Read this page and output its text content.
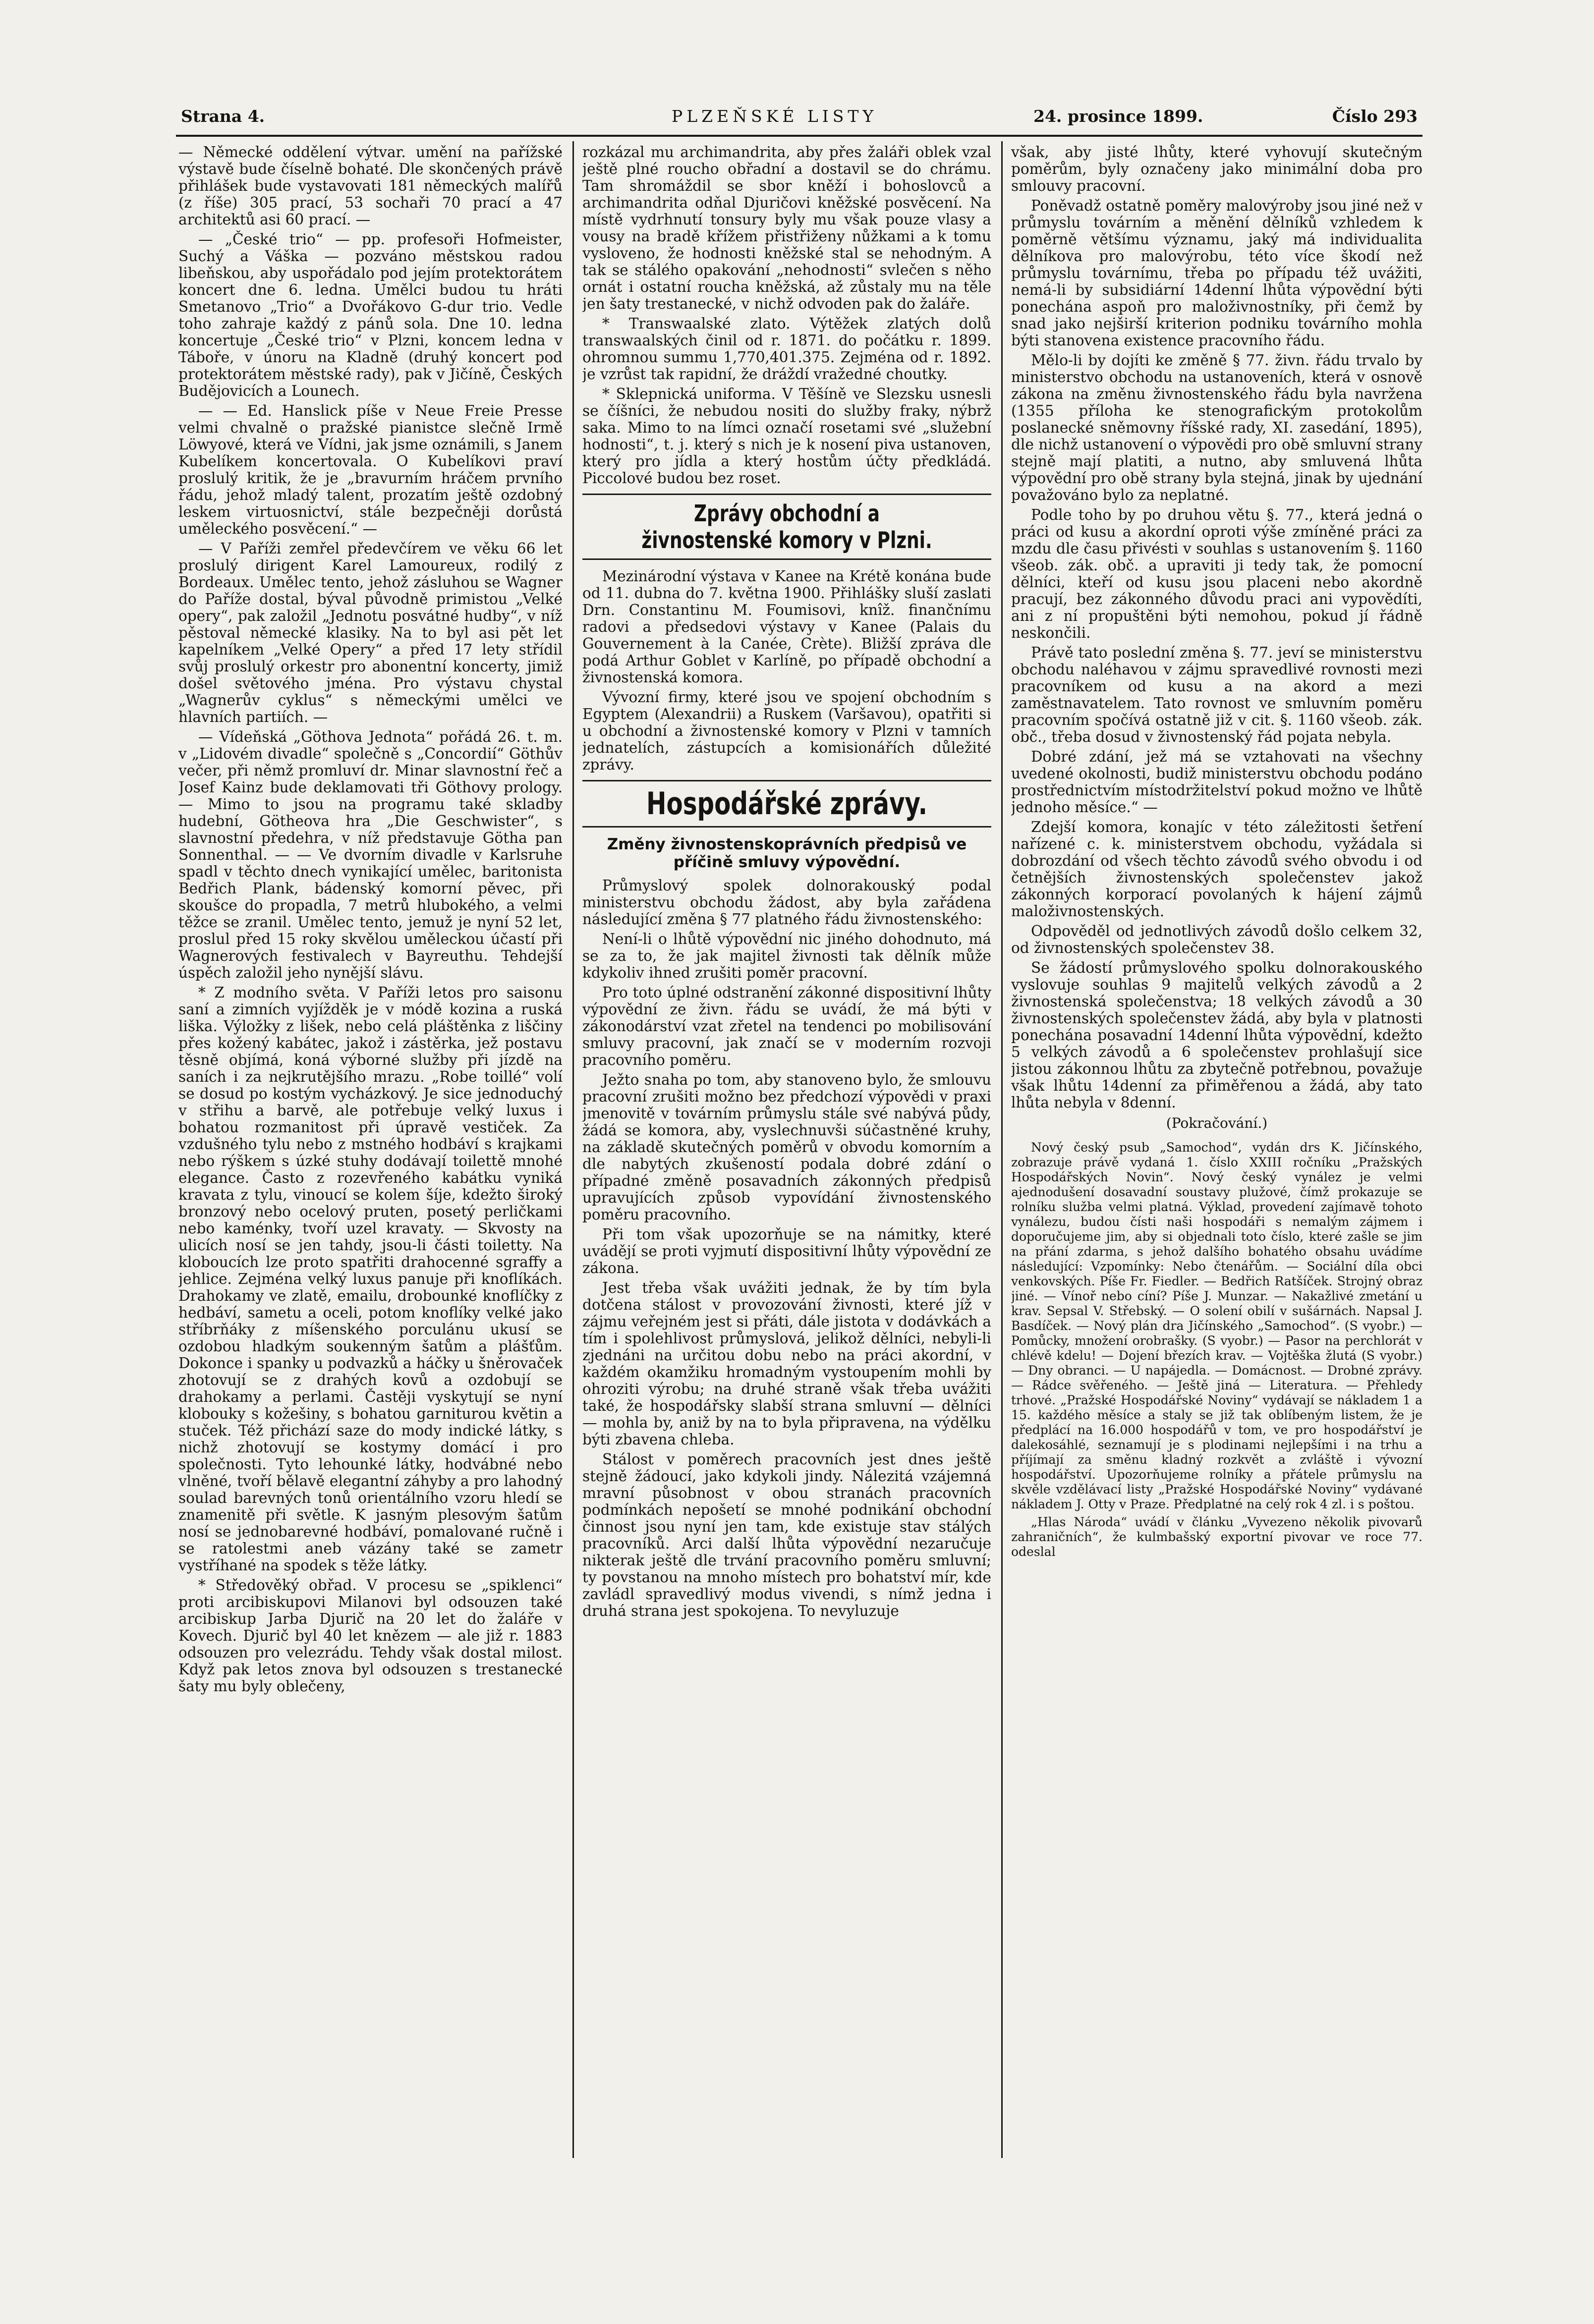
Strana 4.	PLZEŇSKÉ LISTY	24. prosince 1899.	Číslo 293

— Německé oddělení výtvar. umění na pařížské výstavě bude číselně bohaté. Dle skončených právě přihlášek bude vystavovati 181 německých malířů (z říše) 305 prací, 53 sochaři 70 prací a 47 architektů asi 60 prací. —

— „České trio“ — pp. profesoři Hofmeister, Suchý a Váška — pozváno městskou radou libeňskou, aby uspořádalo pod jejím protektorátem koncert dne 6. ledna. Umělci budou tu hráti Smetanovo „Trio“ a Dvořákovo G-dur trio. Vedle toho zahraje každý z pánů sola. Dne 10. ledna koncertuje „České trio“ v Plzni, koncem ledna v Táboře, v únoru na Kladně (druhý koncert pod protektorátem městské rady), pak v Jičíně, Českých Budějovicích a Lounech.

— — Ed. Hanslick píše v Neue Freie Presse velmi chvalně o pražské pianistce slečně Irmě Löwyové, která ve Vídni, jak jsme oznámili, s Janem Kubelíkem koncertovala. O Kubelíkovi praví proslulý kritik, že je „bravurním hráčem prvního řádu, jehož mladý talent, prozatím ještě ozdobný leskem virtuosnictví, stále bezpečněji dorůstá uměleckého posvěcení.“ —

— V Paříži zemřel předevčírem ve věku 66 let proslulý dirigent Karel Lamoureux, rodilý z Bordeaux. Umělec tento, jehož zásluhou se Wagner do Paříže dostal, býval původně primistou „Velké opery“, pak založil „Jednotu posvátné hudby“, v níž pěstoval německé klasiky. Na to byl asi pět let kapelníkem „Velké Opery“ a před 17 lety střídil svůj proslulý orkestr pro abonentní koncerty, jimiž došel světového jména. Pro výstavu chystal „Wagnerův cyklus“ s německými umělci ve hlavních partiích. —

— Vídeňská „Göthova Jednota“ pořádá 26. t. m. v „Lidovém divadle“ společně s „Concordií“ Göthův večer, při němž promluví dr. Minar slavnostní řeč a Josef Kainz bude deklamovati tři Göthovy prology. — Mimo to jsou na programu také skladby hudební, Götheova hra „Die Geschwister“, s slavnostní předehra, v níž představuje Götha pan Sonnenthal. — — Ve dvorním divadle v Karlsruhe spadl v těchto dnech vynikající umělec, baritonista Bedřich Plank, bádenský komorní pěvec, při skoušce do propadla, 7 metrů hlubokého, a velmi těžce se zranil. Umělec tento, jemuž je nyní 52 let, proslul před 15 roky skvělou uměleckou účastí při Wagnerových festivalech v Bayreuthu. Tehdejší úspěch založil jeho nynější slávu.

* Z modního světa. V Paříži letos pro saisonu saní a zimních vyjížděk je v módě kozina a ruská liška. Výložky z lišek, nebo celá pláštěnka z liščiny přes kožený kabátec, jakož i zástěrka, jež postavu těsně objímá, koná výborné služby při jízdě na saních i za nejkrutějšího mrazu. „Robe toillé“ volí se dosud po kostým vycházkový. Je sice jednoduchý v střihu a barvě, ale potřebuje velký luxus i bohatou rozmanitost při úpravě vestiček. Za vzdušného tylu nebo z mstného hodbáví s krajkami nebo rýškem s úzké stuhy dodávají toilettě mnohé elegance. Často z rozevřeného kabátku vyniká kravata z tylu, vinoucí se kolem šíje, kdežto široký bronzový nebo ocelový pruten, posetý perličkami nebo kaménky, tvoří uzel kravaty. — Skvosty na ulicích nosí se jen tahdy, jsou-li části toiletty. Na kloboucích lze proto spatřiti drahocenné sgraffy a jehlice. Zejména velký luxus panuje při knoflíkách. Drahokamy ve zlatě, emailu, drobounké knoflíčky z hedbáví, sametu a oceli, potom knoflíky velké jako stříbrňáky z míšenského porculánu ukusí se ozdobou hladkým soukenným šatům a plášťům. Dokonce i spanky u podvazků a háčky u šněrovaček zhotovují se z drahých kovů a ozdobují se drahokamy a perlami. Častěji vyskytují se nyní klobouky s kožešiny, s bohatou garniturou květin a stuček. Též přichází saze do mody indické látky, s nichž zhotovují se kostymy domácí i pro společnosti. Tyto lehounké látky, hodvábné nebo vlněné, tvoří bělavě elegantní záhyby a pro lahodný soulad barevných tonů orientálního vzoru hledí se znamenitě při světle. K jasným plesovým šatům nosí se jednobarevné hodbáví, pomalované ručně i se ratolestmi aneb vázány také se zametr vystříhané na spodek s těže látky.

* Středověký obřad. V procesu se „spiklenci“ proti arcibiskupovi Milanovi byl odsouzen také arcibiskup Jarba Djurič na 20 let do žaláře v Kovech. Djurič byl 40 let knězem — ale již r. 1883 odsouzen pro velezrádu. Tehdy však dostal milost. Když pak letos znova byl odsouzen s trestanecké šaty mu byly oblečeny,

rozkázal mu archimandrita, aby přes žaláři oblek vzal ještě plné roucho obřadní a dostavil se do chrámu. Tam shromáždil se sbor kněží i bohoslovců a archimandrita odňal Djuričovi kněžské posvěcení. Na místě vydrhnutí tonsury byly mu však pouze vlasy a vousy na bradě křížem přistřiženy nůžkami a k tomu vysloveno, že hodnosti kněžské stal se nehodným. A tak se stálého opakování „nehodnosti“ svlečen s něho ornát i ostatní roucha kněžská, až zůstaly mu na těle jen šaty trestanecké, v nichž odvoden pak do žaláře.

* Transwaalské zlato. Výtěžek zlatých dolů transwaalských činil od r. 1871. do počátku r. 1899. ohromnou summu 1,770,401.375. Zejména od r. 1892. je vzrůst tak rapidní, že dráždí vražedné choutky.

* Sklepnická uniforma. V Těšíně ve Slezsku usnesli se číšníci, že nebudou nositi do služby fraky, nýbrž saka. Mimo to na límci označí rosetami své „služební hodnosti“, t. j. který s nich je k nosení piva ustanoven, který pro jídla a který hostům účty předkládá. Piccolové budou bez roset.

Zprávy obchodní a živnostenské komory v Plzni.

Mezinárodní výstava v Kanee na Krétě konána bude od 11. dubna do 7. května 1900. Přihlášky sluší zaslati Drn. Constantinu M. Foumisovi, knîž. finančnímu radovi a předsedovi výstavy v Kanee (Palais du Gouvernement à la Canée, Crète). Bližší zpráva dle podá Arthur Goblet v Karlíně, po případě obchodní a živnostenská komora.

Vývozní firmy, které jsou ve spojení obchodním s Egyptem (Alexandrii) a Ruskem (Varšavou), opatřiti si u obchodní a živnostenské komory v Plzni v tamních jednatelích, zástupcích a komisionářích důležité zprávy.

Hospodářské zprávy.
Změny živnostenskoprávních předpisů ve příčině smluvy výpovědní.

Průmyslový spolek dolnorakouský podal ministerstvu obchodu žádost, aby byla zařádena následující změna § 77 platného řádu živnostenského:

Není-li o lhůtě výpovědní nic jiného dohodnuto, má se za to, že jak majitel živnosti tak dělník může kdykoliv ihned zrušiti poměr pracovní.

Pro toto úplné odstranění zákonné dispositivní lhůty výpovědní ze živn. řádu se uvádí, že má býti v zákonodárství vzat zřetel na tendenci po mobilisování smluvy pracovní, jak značí se v moderním rozvoji pracovního poměru.

Ježto snaha po tom, aby stanoveno bylo, že smlouvu pracovní zrušiti možno bez předchozí výpovědi v praxi jmenovitě v továrním průmyslu stále své nabývá půdy, žádá se komora, aby, vyslechnuvši súčastněné kruhy, na základě skutečných poměrů v obvodu komorním a dle nabytých zkušeností podala dobré zdání o případné změně posavadních zákonných předpisů upravujících způsob vypovídání živnostenského poměru pracovního.

Při tom však upozorňuje se na námitky, které uvádějí se proti vyjmutí dispositivní lhůty výpovědní ze zákona.

Jest třeba však uvážiti jednak, že by tím byla dotčena stálost v provozování živnosti, které jíž v zájmu veřejném jest si přáti, dále jistota v dodávkách a tím i spolehlivost průmyslová, jelikož dělníci, nebyli-li zjednáni na určitou dobu nebo na práci akordní, v každém okamžiku hromadným vystoupením mohli by ohroziti výrobu; na druhé straně však třeba uvážiti také, že hospodářsky slabší strana smluvní — dělníci — mohla by, aniž by na to byla připravena, na výdělku býti zbavena chleba.

Stálost v poměrech pracovních jest dnes ještě stejně žádoucí, jako kdykoli jindy. Nálezitá vzájemná mravní působnost v obou stranách pracovních podmínkách nepošetí se mnohé podnikání obchodní činnost jsou nyní jen tam, kde existuje stav stálých pracovníků. Arci další lhůta výpovědní nezaručuje nikterak ještě dle trvání pracovního poměru smluvní; ty povstanou na mnoho místech pro bohatství mír, kde zavládl spravedlivý modus vivendi, s nímž jedna i druhá strana jest spokojena. To nevyluzuje

však, aby jisté lhůty, které vyhovují skutečným poměrům, byly označeny jako minimální doba pro smlouvy pracovní.

Poněvadž ostatně poměry malovýroby jsou jiné než v průmyslu továrním a měnění dělníků vzhledem k poměrně většímu významu, jaký má individualita dělníkova pro malovýrobu, této více škodí než průmyslu továrnímu, třeba po případu též uvážiti, nemá-li by subsidiární 14denní lhůta výpovědní býti ponechána aspoň pro maloživnostníky, při čemž by snad jako nejširší kriterion podniku továrního mohla býti stanovena existence pracovního řádu.

Mělo-li by dojíti ke změně § 77. živn. řádu trvalo by ministerstvo obchodu na ustanoveních, která v osnově zákona na změnu živnostenského řádu byla navržena (1355 příloha ke stenografickým protokolům poslanecké sněmovny říšské rady, XI. zasedání, 1895), dle nichž ustanovení o výpovědi pro obě smluvní strany stejně mají platiti, a nutno, aby smluvená lhůta výpovědní pro obě strany byla stejná, jinak by ujednání považováno bylo za neplatné.

Podle toho by po druhou větu §. 77., která jedná o práci od kusu a akordní oproti výše zmíněné práci za mzdu dle času přivésti v souhlas s ustanovením §. 1160 všeob. zák. obč. a upraviti ji tedy tak, že pomocní dělníci, kteří od kusu jsou placeni nebo akordně pracují, bez zákonného důvodu praci ani vypovědíti, ani z ní propuštěni býti nemohou, pokud jí řádně neskončili.

Právě tato poslední změna §. 77. jeví se ministerstvu obchodu naléhavou v zájmu spravedlivé rovnosti mezi pracovníkem od kusu a na akord a mezi zaměstnavatelem. Tato rovnost ve smluvním poměru pracovním spočívá ostatně již v cit. §. 1160 všeob. zák. obč., třeba dosud v živnostenský řád pojata nebyla.

Dobré zdání, jež má se vztahovati na všechny uvedené okolnosti, budiž ministerstvu obchodu podáno prostřednictvím místodržitelství pokud možno ve lhůtě jednoho měsíce.“ —

Zdejší komora, konajíc v této záležitosti šetření nařízené c. k. ministerstvem obchodu, vyžádala si dobrozdání od všech těchto závodů svého obvodu i od četnějších živnostenských společenstev jakož zákonných korporací povolaných k hájení zájmů maloživnostenských.

Odpověděl od jednotlivých závodů došlo celkem 32, od živnostenských společenstev 38.

Se žádostí průmyslového spolku dolnorakouského vyslovuje souhlas 9 majitelů velkých závodů a 2 živnostenská společenstva; 18 velkých závodů a 30 živnostenských společenstev žádá, aby byla v platnosti ponechána posavadní 14denní lhůta výpovědní, kdežto 5 velkých závodů a 6 společenstev prohlašují sice jistou zákonnou lhůtu za zbytečně potřebnou, považuje však lhůtu 14denní za přiměřenou a žádá, aby tato lhůta nebyla v 8denní.

(Pokračování.)

Nový český psub „Samochod“, vydán drs K. Jičínského, zobrazuje právě vydaná 1. číslo XXIII ročníku „Pražských Hospodářských Novin“. Nový český vynález je velmi ajednodušení dosavadní soustavy plužové, čímž prokazuje se rolníku služba velmi platná. Výklad, provedení zajímavě tohoto vynálezu, budou čísti naši hospodáři s nemalým zájmem i doporučujeme jim, aby si objednali toto číslo, které zašle se jim na přání zdarma, s jehož dalšího bohatého obsahu uvádíme následující: Vzpomínky: Nebo čtenářům. — Sociální díla obci venkovských. Píše Fr. Fiedler. — Bedřich Ratšíček. Strojný obraz jiné. — Vínoř nebo cíní? Píše J. Munzar. — Nakažlivé zmetání u krav. Sepsal V. Střebský. — O solení obilí v sušárnách. Napsal J. Basdíček. — Nový plán dra Jičínského „Samochod“. (S vyobr.) — Pomůcky, množení orobrašky. (S vyobr.) — Pasor na perchlorát v chlévě kdelu! — Dojení březích krav. — Vojtěška žlutá (S vyobr.) — Dny obranci. — U napájedla. — Domácnost. — Drobné zprávy. — Rádce svěřeného. — Ještě jiná — Literatura. — Přehledy trhové. „Pražské Hospodářské Noviny“ vydávají se nákladem 1 a 15. každého měsíce a staly se již tak oblíbeným listem, že je předplácí na 16.000 hospodářů v tom, ve pro hospodářství je dalekosáhlé, seznamují je s plodinami nejlepšími i na trhu a příjímají za směnu kladný rozkvět a zvláště i vývozní hospodářství. Upozorňujeme rolníky a přátele průmyslu na skvěle vzdělávací listy „Pražské Hospodářské Noviny“ vydávané nákladem J. Otty v Praze. Předplatné na celý rok 4 zl. i s poštou.

„Hlas Národa“ uvádí v článku „Vyvezeno několik pivovarů zahraničních“, že kulmbašský exportní pivovar ve roce 77. odeslal
